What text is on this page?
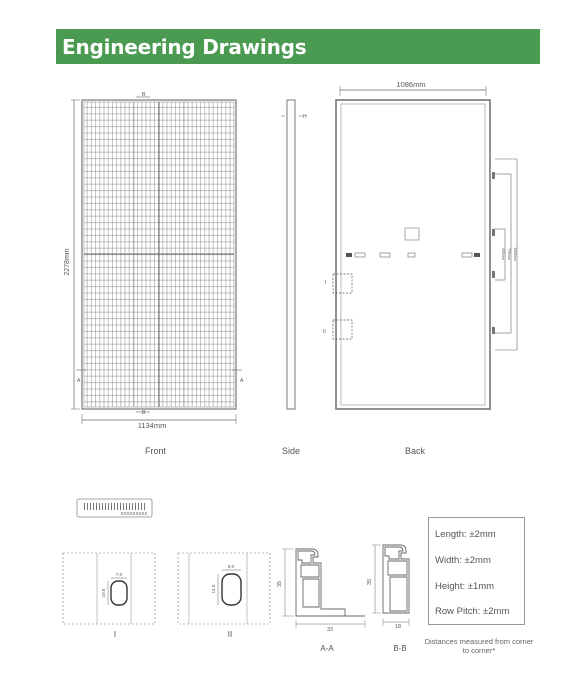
Engineering Drawings
2278mm
1134mm
B
B
A	A
H
1086mm
400mm 790mm 1400mm
I
II
XXXXXXXXX
7.0
10.0
I
9.0
14.0
II
35
33
A-A
35
18
B-B
Front	Side	Back
Length: ±2mm
Width: ±2mm
Height: ±1mm
Row Pitch: ±2mm
Distances measured from corner to corner*
